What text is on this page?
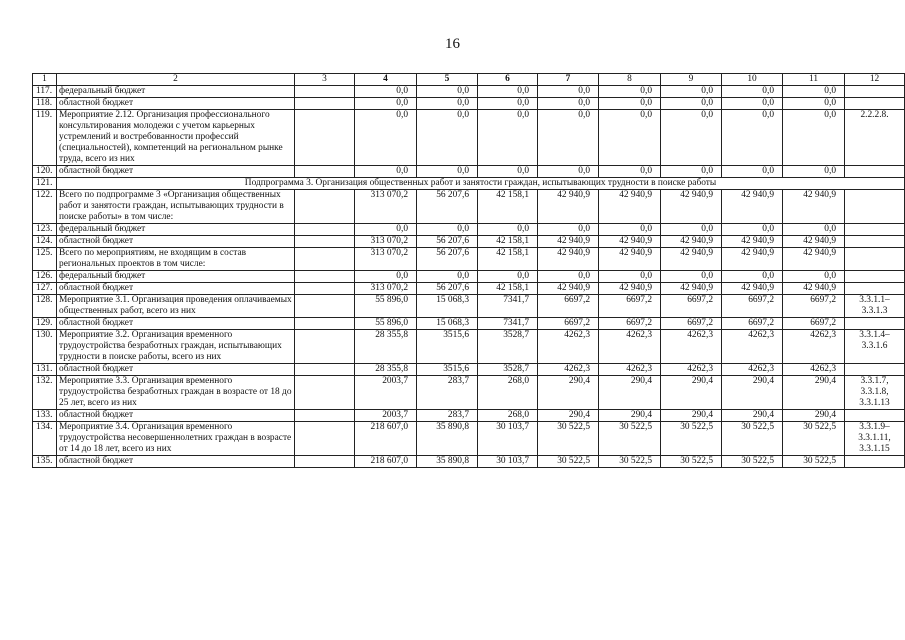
16
1	2	3	4	5	6	7	8	9	10	11	12
117.	федеральный бюджет		0,0	0,0	0,0	0,0	0,0	0,0	0,0	0,0	
118.	областной бюджет		0,0	0,0	0,0	0,0	0,0	0,0	0,0	0,0	
119.	Мероприятие 2.12. Организация профессионального консультирования молодежи с учетом карьерных устремлений и востребованности профессий (специальностей), компетенций на региональном рынке труда, всего из них		0,0	0,0	0,0	0,0	0,0	0,0	0,0	0,0	2.2.2.8.
120.	областной бюджет		0,0	0,0	0,0	0,0	0,0	0,0	0,0	0,0	
121.	Подпрограмма 3. Организация общественных работ и занятости граждан, испытывающих трудности в поиске работы										
122.	Всего по подпрограмме 3 «Организация общественных работ и занятости граждан, испытывающих трудности в поиске работы» в том числе:		313 070,2	56 207,6	42 158,1	42 940,9	42 940,9	42 940,9	42 940,9	42 940,9	
123.	федеральный бюджет		0,0	0,0	0,0	0,0	0,0	0,0	0,0	0,0	
124.	областной бюджет		313 070,2	56 207,6	42 158,1	42 940,9	42 940,9	42 940,9	42 940,9	42 940,9	
125.	Всего по мероприятиям, не входящим в состав региональных проектов в том числе:		313 070,2	56 207,6	42 158,1	42 940,9	42 940,9	42 940,9	42 940,9	42 940,9	
126.	федеральный бюджет		0,0	0,0	0,0	0,0	0,0	0,0	0,0	0,0	
127.	областной бюджет		313 070,2	56 207,6	42 158,1	42 940,9	42 940,9	42 940,9	42 940,9	42 940,9	
128.	Мероприятие 3.1. Организация проведения оплачиваемых общественных работ, всего из них		55 896,0	15 068,3	7341,7	6697,2	6697,2	6697,2	6697,2	6697,2	3.3.1.1– 3.3.1.3
129.	областной бюджет		55 896,0	15 068,3	7341,7	6697,2	6697,2	6697,2	6697,2	6697,2	
130.	Мероприятие 3.2. Организация временного трудоустройства безработных граждан, испытывающих трудности в поиске работы, всего из них		28 355,8	3515,6	3528,7	4262,3	4262,3	4262,3	4262,3	4262,3	3.3.1.4– 3.3.1.6
131.	областной бюджет		28 355,8	3515,6	3528,7	4262,3	4262,3	4262,3	4262,3	4262,3	
132.	Мероприятие 3.3. Организация временного трудоустройства безработных граждан в возрасте от 18 до 25 лет, всего из них		2003,7	283,7	268,0	290,4	290,4	290,4	290,4	290,4	3.3.1.7, 3.3.1.8, 3.3.1.13
133.	областной бюджет		2003,7	283,7	268,0	290,4	290,4	290,4	290,4	290,4	
134.	Мероприятие 3.4. Организация временного трудоустройства несовершеннолетних граждан в возрасте от 14 до 18 лет, всего из них		218 607,0	35 890,8	30 103,7	30 522,5	30 522,5	30 522,5	30 522,5	30 522,5	3.3.1.9– 3.3.1.11, 3.3.1.15
135.	областной бюджет		218 607,0	35 890,8	30 103,7	30 522,5	30 522,5	30 522,5	30 522,5	30 522,5	
